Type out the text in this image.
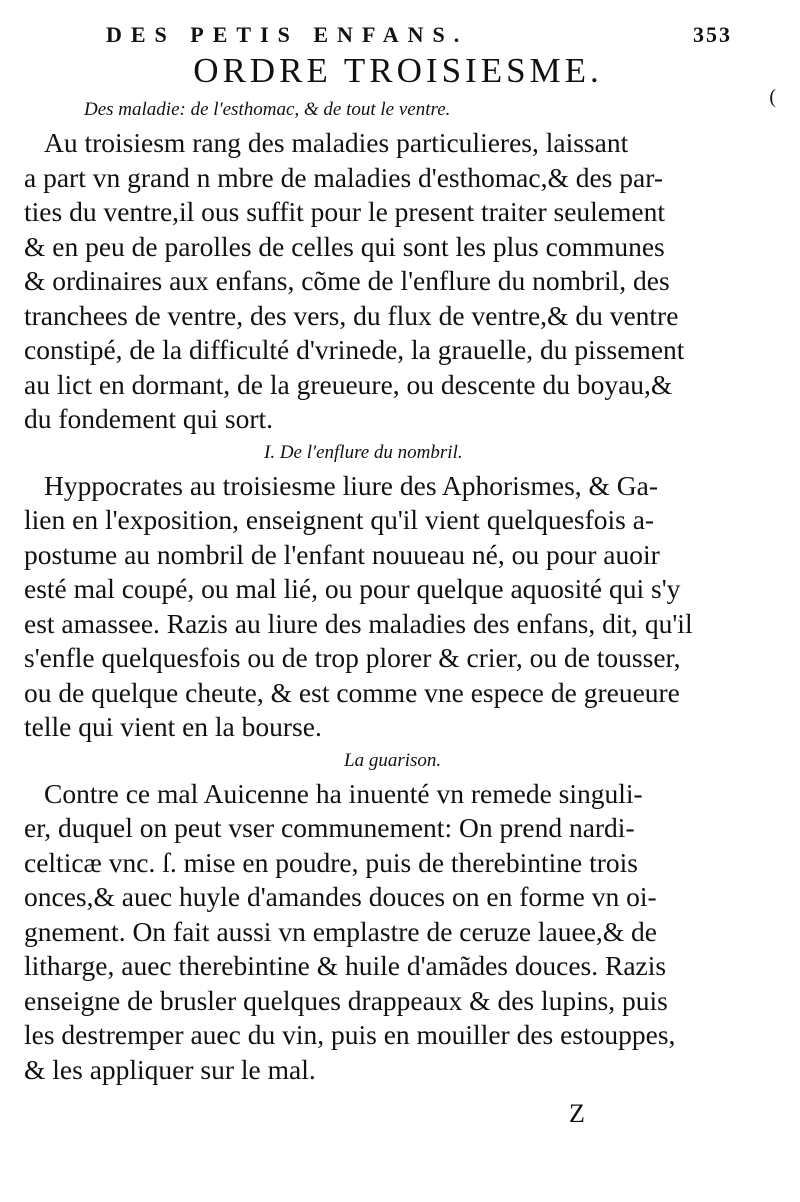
DES PETIS ENFANS.	353
(
ORDRE TROISIESME.
Des maladie: de l'esthomac, & de tout le ventre.
Au troisiesm rang des maladies particulieres, laissant
a part vn grand n mbre de maladies d'esthomac,& des par-
ties du ventre,il ous suffit pour le present traiter seulement
& en peu de parolles de celles qui sont les plus communes
& ordinaires aux enfans, cõme de l'enflure du nombril, des
tranchees de ventre, des vers, du flux de ventre,& du ventre
constipé, de la difficulté d'vrinede, la grauelle, du pissement
au lict en dormant, de la greueure, ou descente du boyau,&
du fondement qui sort.
I. De l'enflure du nombril.
Hyppocrates au troisiesme liure des Aphorismes, & Ga-
lien en l'exposition, enseignent qu'il vient quelquesfois a-
postume au nombril de l'enfant nouueau né, ou pour auoir
esté mal coupé, ou mal lié, ou pour quelque aquosité qui s'y
est amassee. Razis au liure des maladies des enfans, dit, qu'il
s'enfle quelquesfois ou de trop plorer & crier, ou de tousser,
ou de quelque cheute, & est comme vne espece de greueure
telle qui vient en la bourse.
La guarison.
Contre ce mal Auicenne ha inuenté vn remede singuli-
er, duquel on peut vser communement: On prend nardi-
celticæ vnc. ſ. mise en poudre, puis de therebintine trois
onces,& auec huyle d'amandes douces on en forme vn oi-
gnement. On fait aussi vn emplastre de ceruze lauee,& de
litharge, auec therebintine & huile d'amãdes douces. Razis
enseigne de brusler quelques drappeaux & des lupins, puis
les destremper auec du vin, puis en mouiller des estouppes,
& les appliquer sur le mal.
Z
